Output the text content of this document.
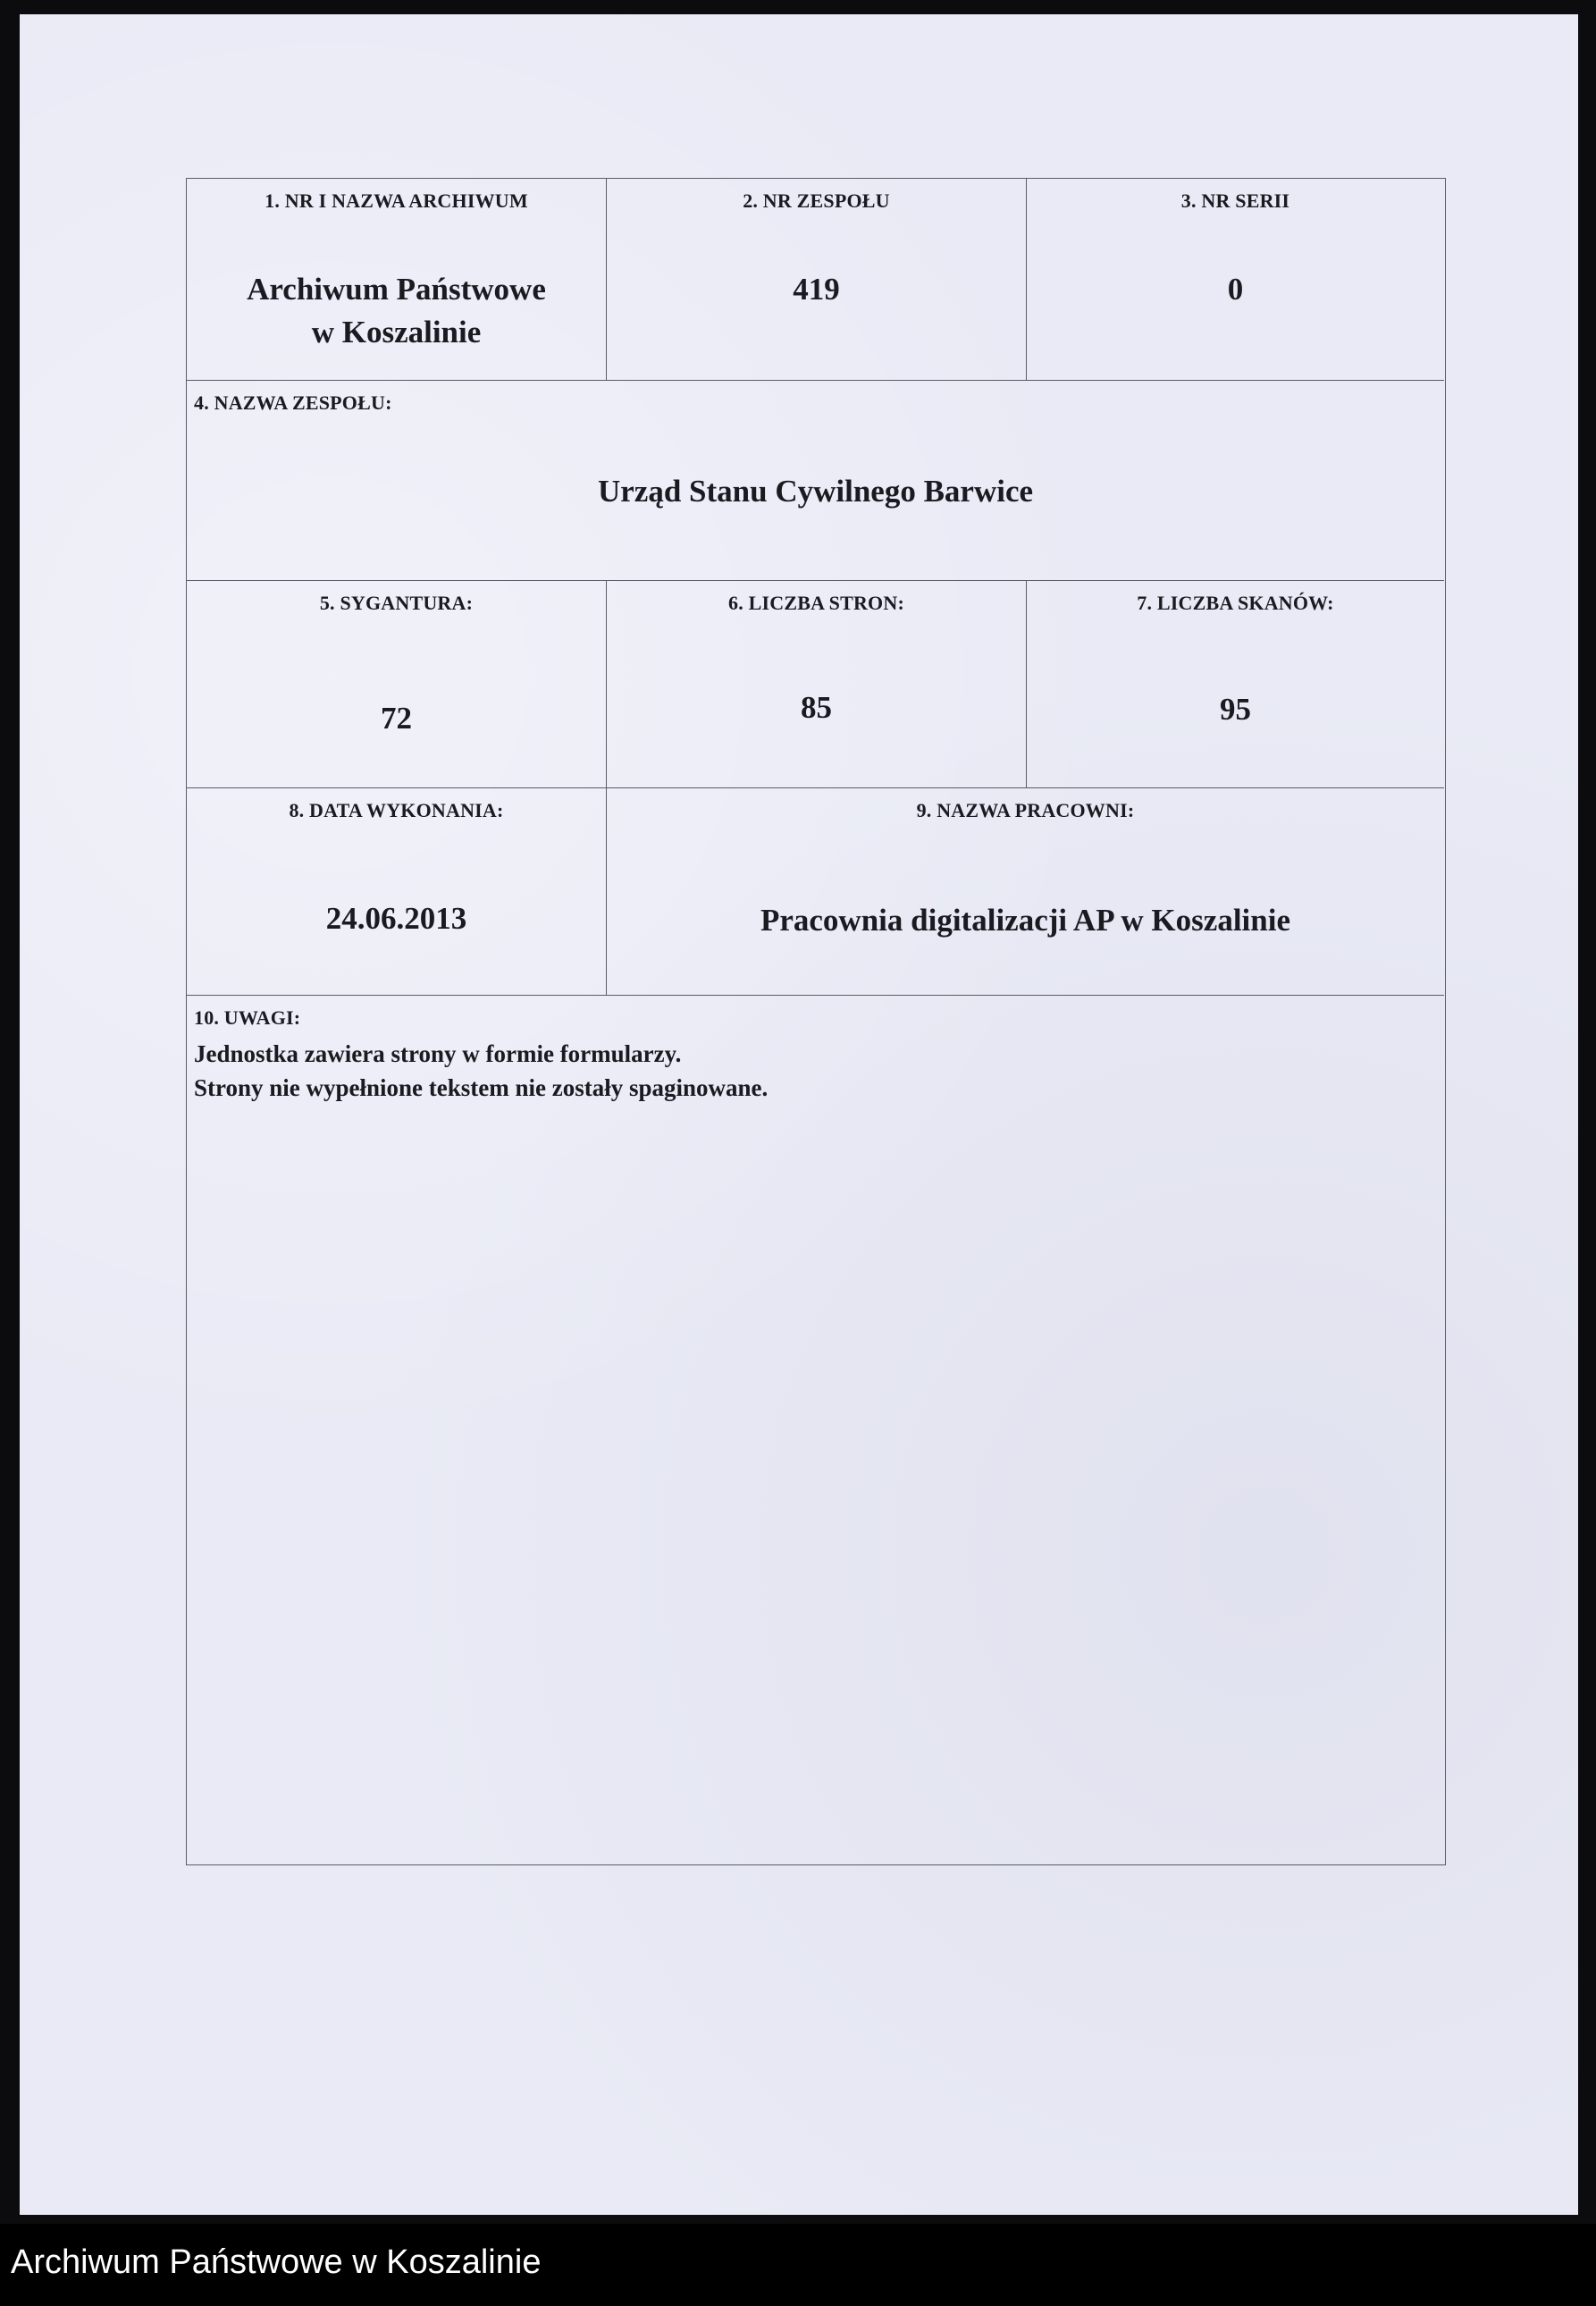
1. NR I NAZWA ARCHIWUM
Archiwum Państwowe
w Koszalinie
2. NR ZESPOŁU
419
3. NR SERII
0
4. NAZWA ZESPOŁU:
Urząd Stanu Cywilnego Barwice
5. SYGANTURA:
72
6. LICZBA STRON:
85
7. LICZBA SKANÓW:
95
8. DATA WYKONANIA:
24.06.2013
9. NAZWA PRACOWNI:
Pracownia digitalizacji AP w Koszalinie
10. UWAGI:
Jednostka zawiera strony w formie formularzy.
Strony nie wypełnione tekstem nie zostały spaginowane.
Archiwum Państwowe w Koszalinie
